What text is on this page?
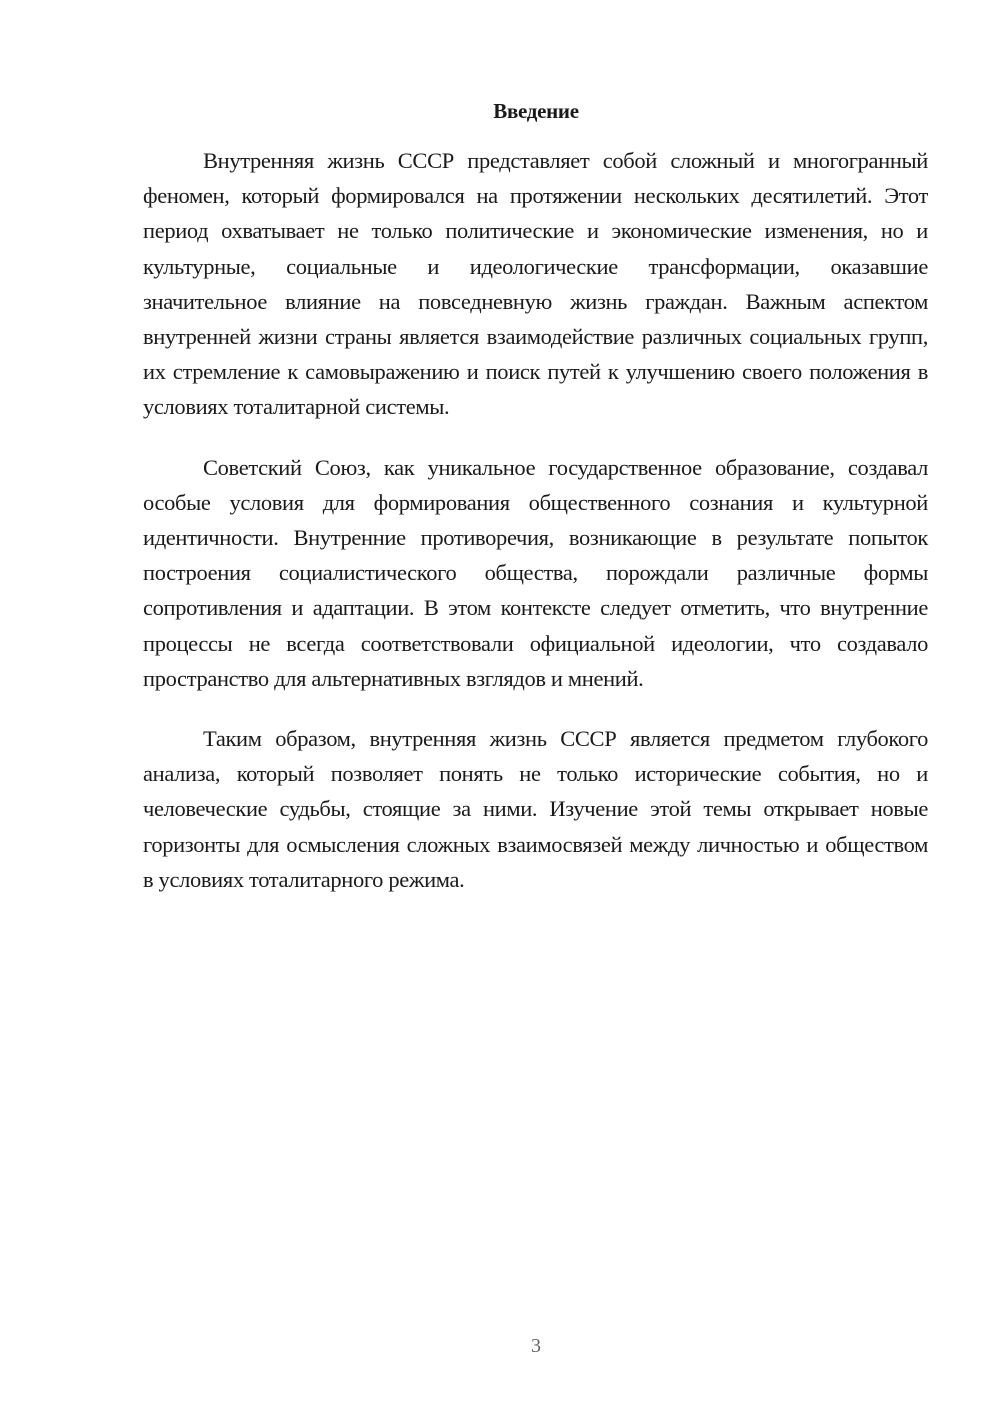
Введение

Внутренняя жизнь СССР представляет собой сложный и многогранный феномен, который формировался на протяжении нескольких десятилетий. Этот период охватывает не только политические и экономические изменения, но и культурные, социальные и идеологические трансформации, оказавшие значительное влияние на повседневную жизнь граждан. Важным аспектом внутренней жизни страны является взаимодействие различных социальных групп, их стремление к самовыражению и поиск путей к улучшению своего положения в условиях тоталитарной системы.

Советский Союз, как уникальное государственное образование, создавал особые условия для формирования общественного сознания и культурной идентичности. Внутренние противоречия, возникающие в результате попыток построения социалистического общества, порождали различные формы сопротивления и адаптации. В этом контексте следует отметить, что внутренние процессы не всегда соответствовали официальной идеологии, что создавало пространство для альтернативных взглядов и мнений.

Таким образом, внутренняя жизнь СССР является предметом глубокого анализа, который позволяет понять не только исторические события, но и человеческие судьбы, стоящие за ними. Изучение этой темы открывает новые горизонты для осмысления сложных взаимосвязей между личностью и обществом в условиях тоталитарного режима.

3
